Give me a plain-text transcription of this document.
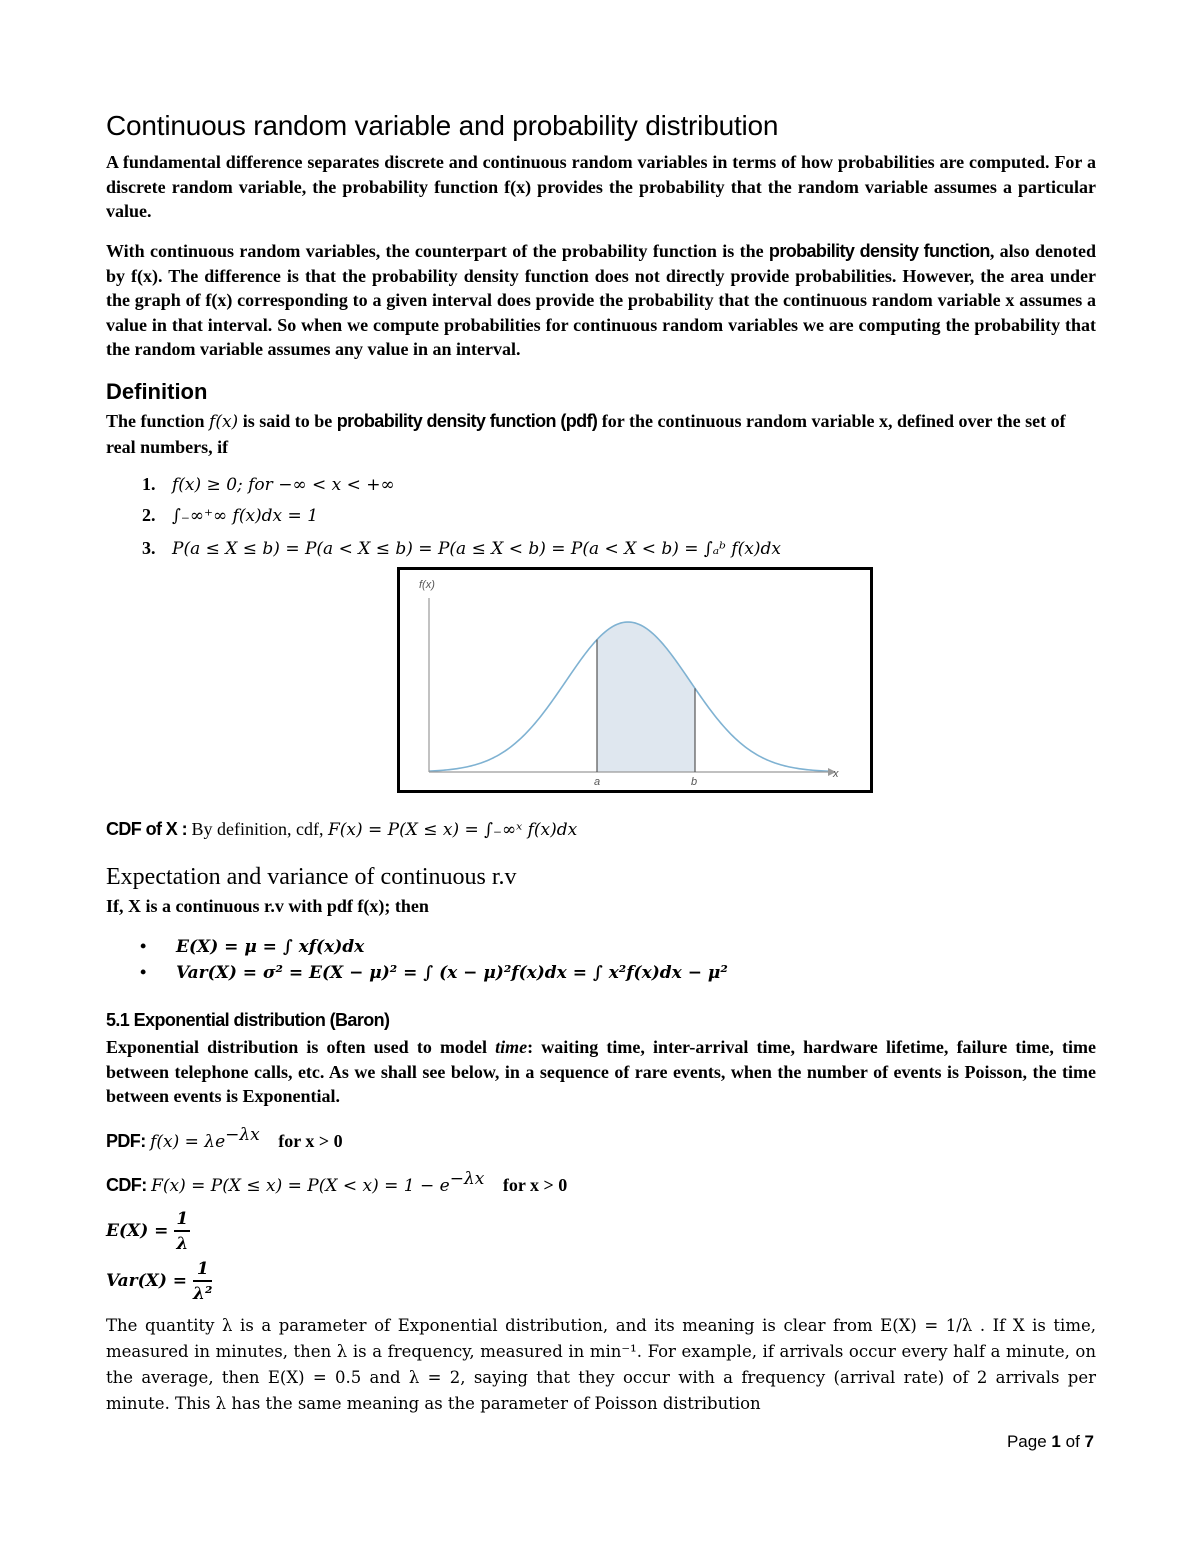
Continuous random variable and probability distribution
A fundamental difference separates discrete and continuous random variables in terms of how probabilities are computed. For a discrete random variable, the probability function f(x) provides the probability that the random variable assumes a particular value.
With continuous random variables, the counterpart of the probability function is the probability density function, also denoted by f(x). The difference is that the probability density function does not directly provide probabilities. However, the area under the graph of f(x) corresponding to a given interval does provide the probability that the continuous random variable x assumes a value in that interval. So when we compute probabilities for continuous random variables we are computing the probability that the random variable assumes any value in an interval.
Definition
The function f(x) is said to be probability density function (pdf) for the continuous random variable x, defined over the set of real numbers, if
1. f(x) ≥ 0; for −∞ < x < +∞
2. ∫₋∞⁺∞ f(x)dx = 1
3. P(a ≤ X ≤ b) = P(a < X ≤ b) = P(a ≤ X < b) = P(a < X < b) = ∫ₐᵇ f(x)dx
f(x)
x
a	b
CDF of X : By definition, cdf, F(x) = P(X ≤ x) = ∫₋∞ˣ f(x)dx
Expectation and variance of continuous r.v
If, X is a continuous r.v with pdf f(x); then
• E(X) = μ = ∫ xf(x)dx
• Var(X) = σ² = E(X − μ)² = ∫ (x − μ)²f(x)dx = ∫ x²f(x)dx − μ²
5.1 Exponential distribution (Baron)
Exponential distribution is often used to model time: waiting time, inter-arrival time, hardware lifetime, failure time, time between telephone calls, etc. As we shall see below, in a sequence of rare events, when the number of events is Poisson, the time between events is Exponential.
PDF: $f(x) = \lambda e^{-\lambda x}$ for x > 0
CDF: $F(x) = P(X \le x) = P(X < x) = 1 - e^{-\lambda x}$ for x > 0
$E(X) = \frac{1}{\lambda}$
$Var(X) = \frac{1}{\text{λ²}}$
The quantity λ is a parameter of Exponential distribution, and its meaning is clear from E(X) = 1/λ . If X is time, measured in minutes, then λ is a frequency, measured in min⁻¹. For example, if arrivals occur every half a minute, on the average, then E(X) = 0.5 and λ = 2, saying that they occur with a frequency (arrival rate) of 2 arrivals per minute. This λ has the same meaning as the parameter of Poisson distribution
Page 1 of 7
